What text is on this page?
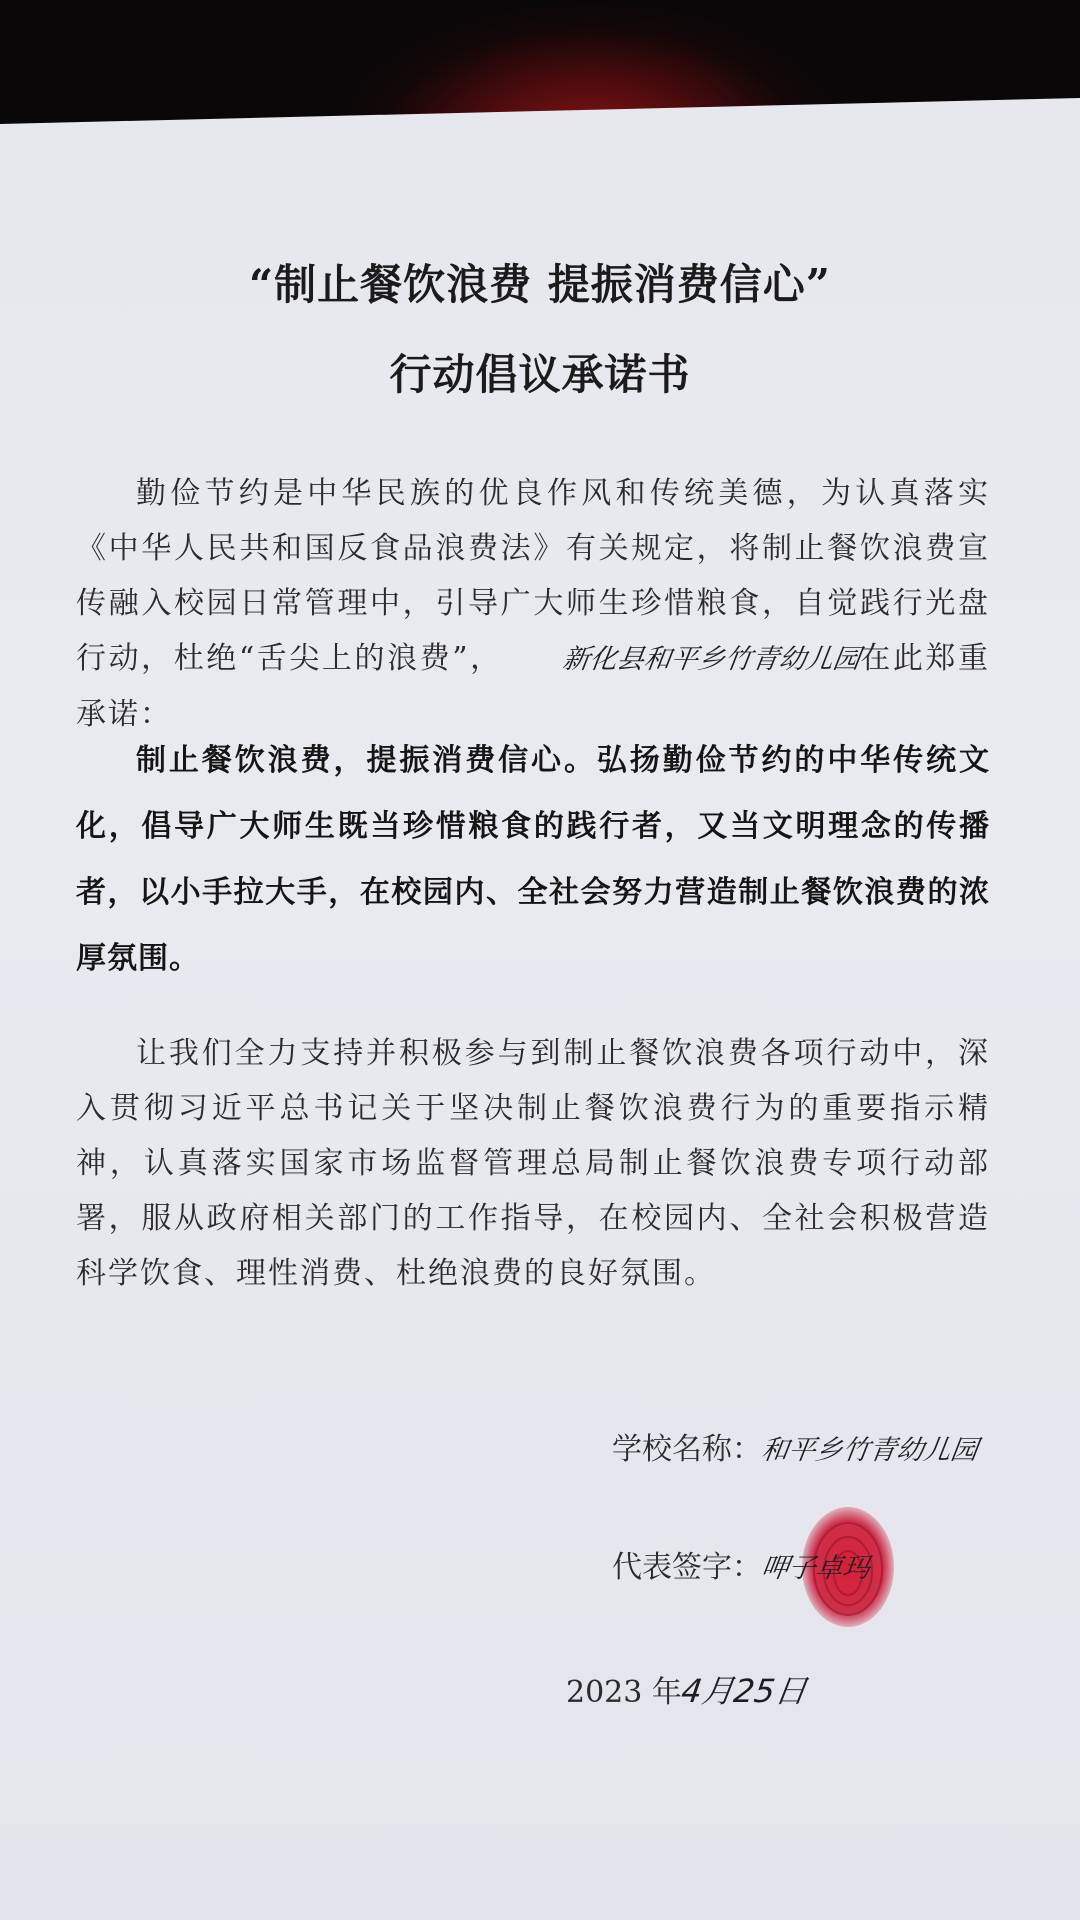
“制止餐饮浪费 提振消费信心”
行动倡议承诺书

勤俭节约是中华民族的优良作风和传统美德，为认真落实《中华人民共和国反食品浪费法》有关规定，将制止餐饮浪费宣传融入校园日常管理中，引导广大师生珍惜粮食，自觉践行光盘行动，杜绝“舌尖上的浪费”， 新化县和平乡竹青幼儿园在此郑重承诺：

制止餐饮浪费，提振消费信心。弘扬勤俭节约的中华传统文化，倡导广大师生既当珍惜粮食的践行者，又当文明理念的传播者，以小手拉大手，在校园内、全社会努力营造制止餐饮浪费的浓厚氛围。

让我们全力支持并积极参与到制止餐饮浪费各项行动中，深入贯彻习近平总书记关于坚决制止餐饮浪费行为的重要指示精神，认真落实国家市场监督管理总局制止餐饮浪费专项行动部署，服从政府相关部门的工作指导，在校园内、全社会积极营造科学饮食、理性消费、杜绝浪费的良好氛围。

学校名称：和平乡竹青幼儿园

代表签字：呷子卓玛

2023 年4月25日
